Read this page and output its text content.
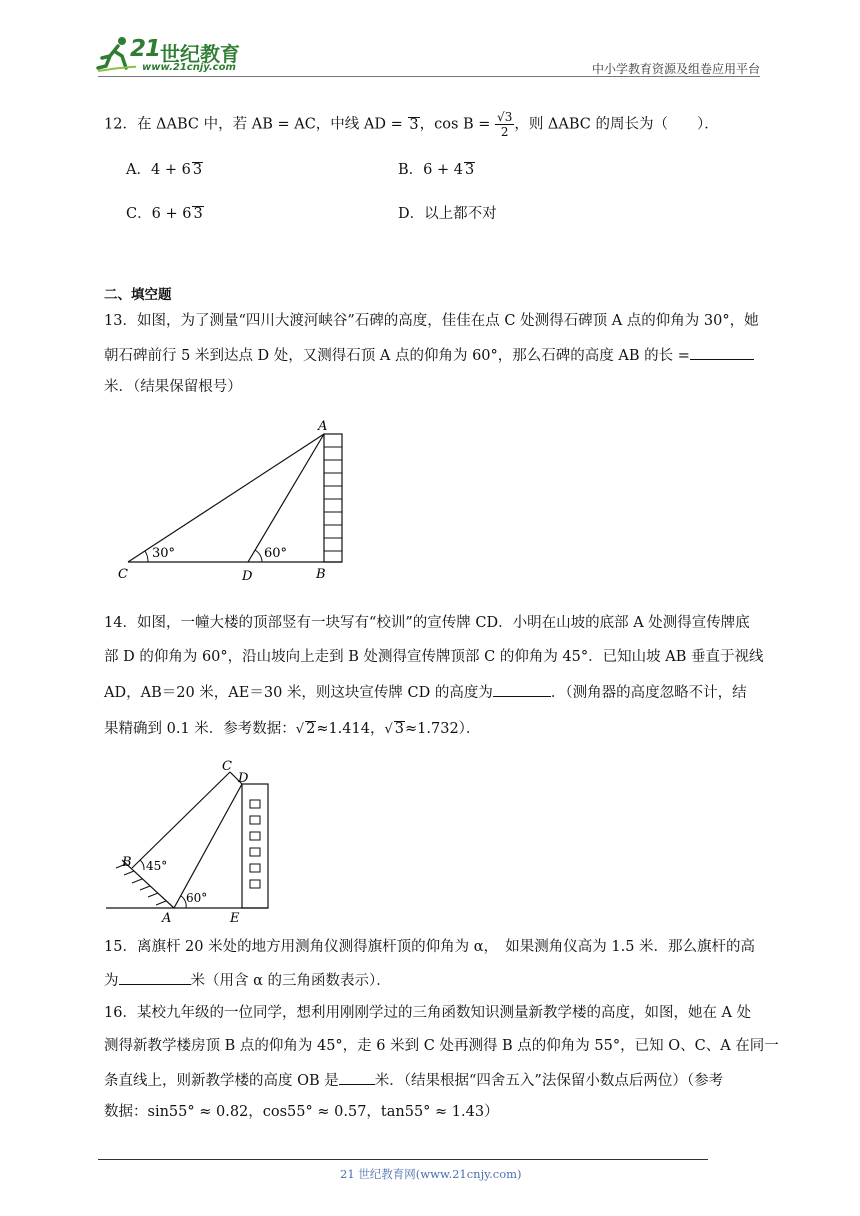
21 世纪教育
www.21cnjy.com	中小学教育资源及组卷应用平台
12．在 ΔABC 中，若 AB = AC，中线 AD = 3，$\cos B = \frac{√3}{2}$ ，则 ΔABC 的周长为（　　）．
A．4 + 6 3	B．6 + 4 3
C．6 + 6 3	D．以上都不对
二、填空题
13．如图，为了测量“四川大渡河峡谷”石碑的高度，佳佳在点 C 处测得石碑顶 A 点的仰角为 30°，她
朝石碑前行 5 米到达点 D 处，又测得石顶 A 点的仰角为 60°，那么石碑的高度 AB 的长 =
米．（结果保留根号）
30°	60°
A
C	D	B
14．如图，一幢大楼的顶部竖有一块写有“校训”的宣传牌 CD．小明在山坡的底部 A 处测得宣传牌底
部 D 的仰角为 60°，沿山坡向上走到 B 处测得宣传牌顶部 C 的仰角为 45°．已知山坡 AB 垂直于视线
AD，AB＝20 米，AE＝30 米，则这块宣传牌 CD 的高度为	．（测角器的高度忽略不计，结
果精确到 0.1 米．参考数据：√ 2≈1.414，√ 3≈1.732）．
45°
60°
B
A
C
D
E
15．离旗杆 20 米处的地方用测角仪测得旗杆顶的仰角为 α，　如果测角仪高为 1.5 米．那么旗杆的高
为	米（用含 α 的三角函数表示）．
16．某校九年级的一位同学，想利用刚刚学过的三角函数知识测量新教学楼的高度，如图，她在 A 处
测得新教学楼房顶 B 点的仰角为 45°，走 6 米到 C 处再测得 B 点的仰角为 55°，已知 O、C、A 在同一
条直线上，则新教学楼的高度 OB 是 米．（结果根据“四舍五入”法保留小数点后两位）（参考
数据：sin55° ≈ 0.82，cos55° ≈ 0.57，tan55° ≈ 1.43）
21 世纪教育网(www.21cnjy.com)
